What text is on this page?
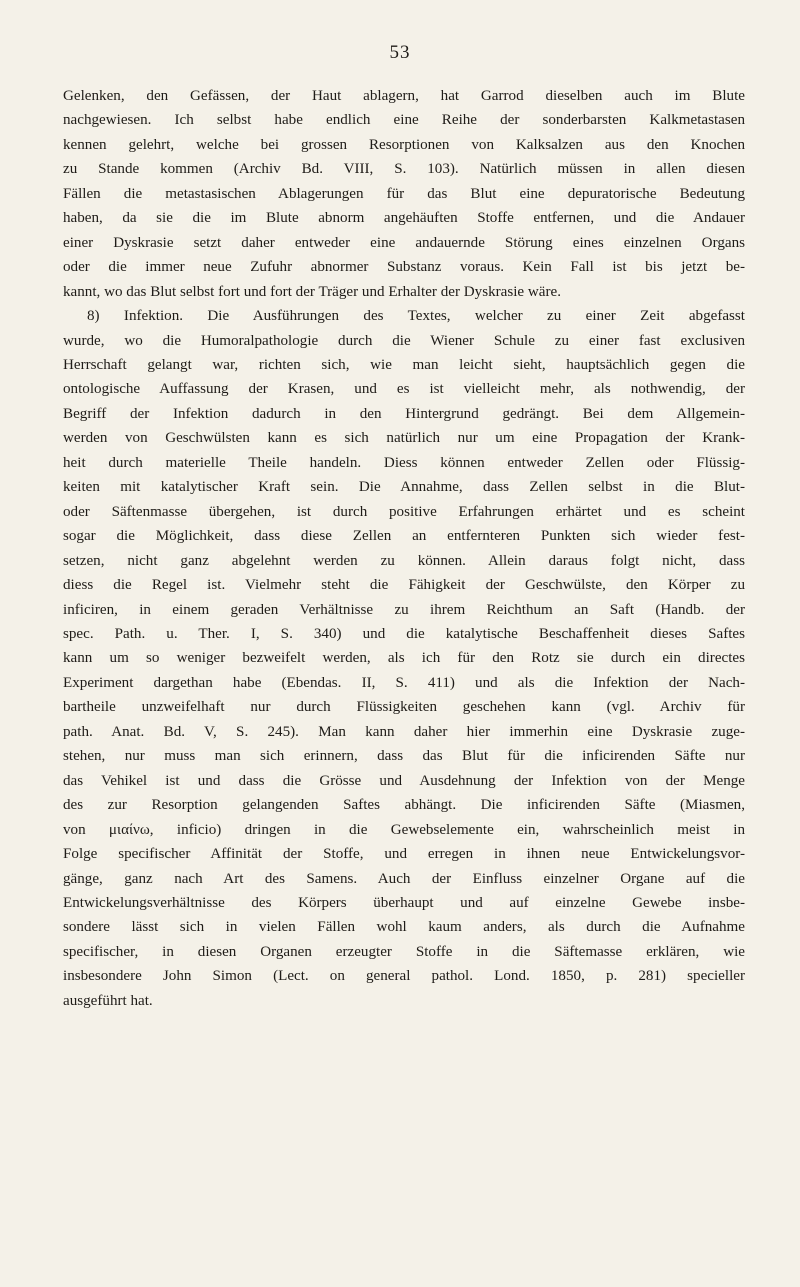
53

Gelenken, den Gefässen, der Haut ablagern, hat Garrod dieselben auch im Blute
nachgewiesen. Ich selbst habe endlich eine Reihe der sonderbarsten Kalkmetastasen
kennen gelehrt, welche bei grossen Resorptionen von Kalksalzen aus den Knochen
zu Stande kommen (Archiv Bd. VIII, S. 103). Natürlich müssen in allen diesen
Fällen die metastasischen Ablagerungen für das Blut eine depuratorische Bedeutung
haben, da sie die im Blute abnorm angehäuften Stoffe entfernen, und die Andauer
einer Dyskrasie setzt daher entweder eine andauernde Störung eines einzelnen Organs
oder die immer neue Zufuhr abnormer Substanz voraus. Kein Fall ist bis jetzt be-
kannt, wo das Blut selbst fort und fort der Träger und Erhalter der Dyskrasie wäre.

8) Infektion. Die Ausführungen des Textes, welcher zu einer Zeit abgefasst
wurde, wo die Humoralpathologie durch die Wiener Schule zu einer fast exclusiven
Herrschaft gelangt war, richten sich, wie man leicht sieht, hauptsächlich gegen die
ontologische Auffassung der Krasen, und es ist vielleicht mehr, als nothwendig, der
Begriff der Infektion dadurch in den Hintergrund gedrängt. Bei dem Allgemein-
werden von Geschwülsten kann es sich natürlich nur um eine Propagation der Krank-
heit durch materielle Theile handeln. Diess können entweder Zellen oder Flüssig-
keiten mit katalytischer Kraft sein. Die Annahme, dass Zellen selbst in die Blut-
oder Säftenmasse übergehen, ist durch positive Erfahrungen erhärtet und es scheint
sogar die Möglichkeit, dass diese Zellen an entfernteren Punkten sich wieder fest-
setzen, nicht ganz abgelehnt werden zu können. Allein daraus folgt nicht, dass
diess die Regel ist. Vielmehr steht die Fähigkeit der Geschwülste, den Körper zu
inficiren, in einem geraden Verhältnisse zu ihrem Reichthum an Saft (Handb. der
spec. Path. u. Ther. I, S. 340) und die katalytische Beschaffenheit dieses Saftes
kann um so weniger bezweifelt werden, als ich für den Rotz sie durch ein directes
Experiment dargethan habe (Ebendas. II, S. 411) und als die Infektion der Nach-
bartheile unzweifelhaft nur durch Flüssigkeiten geschehen kann (vgl. Archiv für
path. Anat. Bd. V, S. 245). Man kann daher hier immerhin eine Dyskrasie zuge-
stehen, nur muss man sich erinnern, dass das Blut für die inficirenden Säfte nur
das Vehikel ist und dass die Grösse und Ausdehnung der Infektion von der Menge
des zur Resorption gelangenden Saftes abhängt. Die inficirenden Säfte (Miasmen,
von μιαίνω, inficio) dringen in die Gewebselemente ein, wahrscheinlich meist in
Folge specifischer Affinität der Stoffe, und erregen in ihnen neue Entwickelungsvor-
gänge, ganz nach Art des Samens. Auch der Einfluss einzelner Organe auf die
Entwickelungsverhältnisse des Körpers überhaupt und auf einzelne Gewebe insbe-
sondere lässt sich in vielen Fällen wohl kaum anders, als durch die Aufnahme
specifischer, in diesen Organen erzeugter Stoffe in die Säftemasse erklären, wie
insbesondere John Simon (Lect. on general pathol. Lond. 1850, p. 281) specieller
ausgeführt hat.
